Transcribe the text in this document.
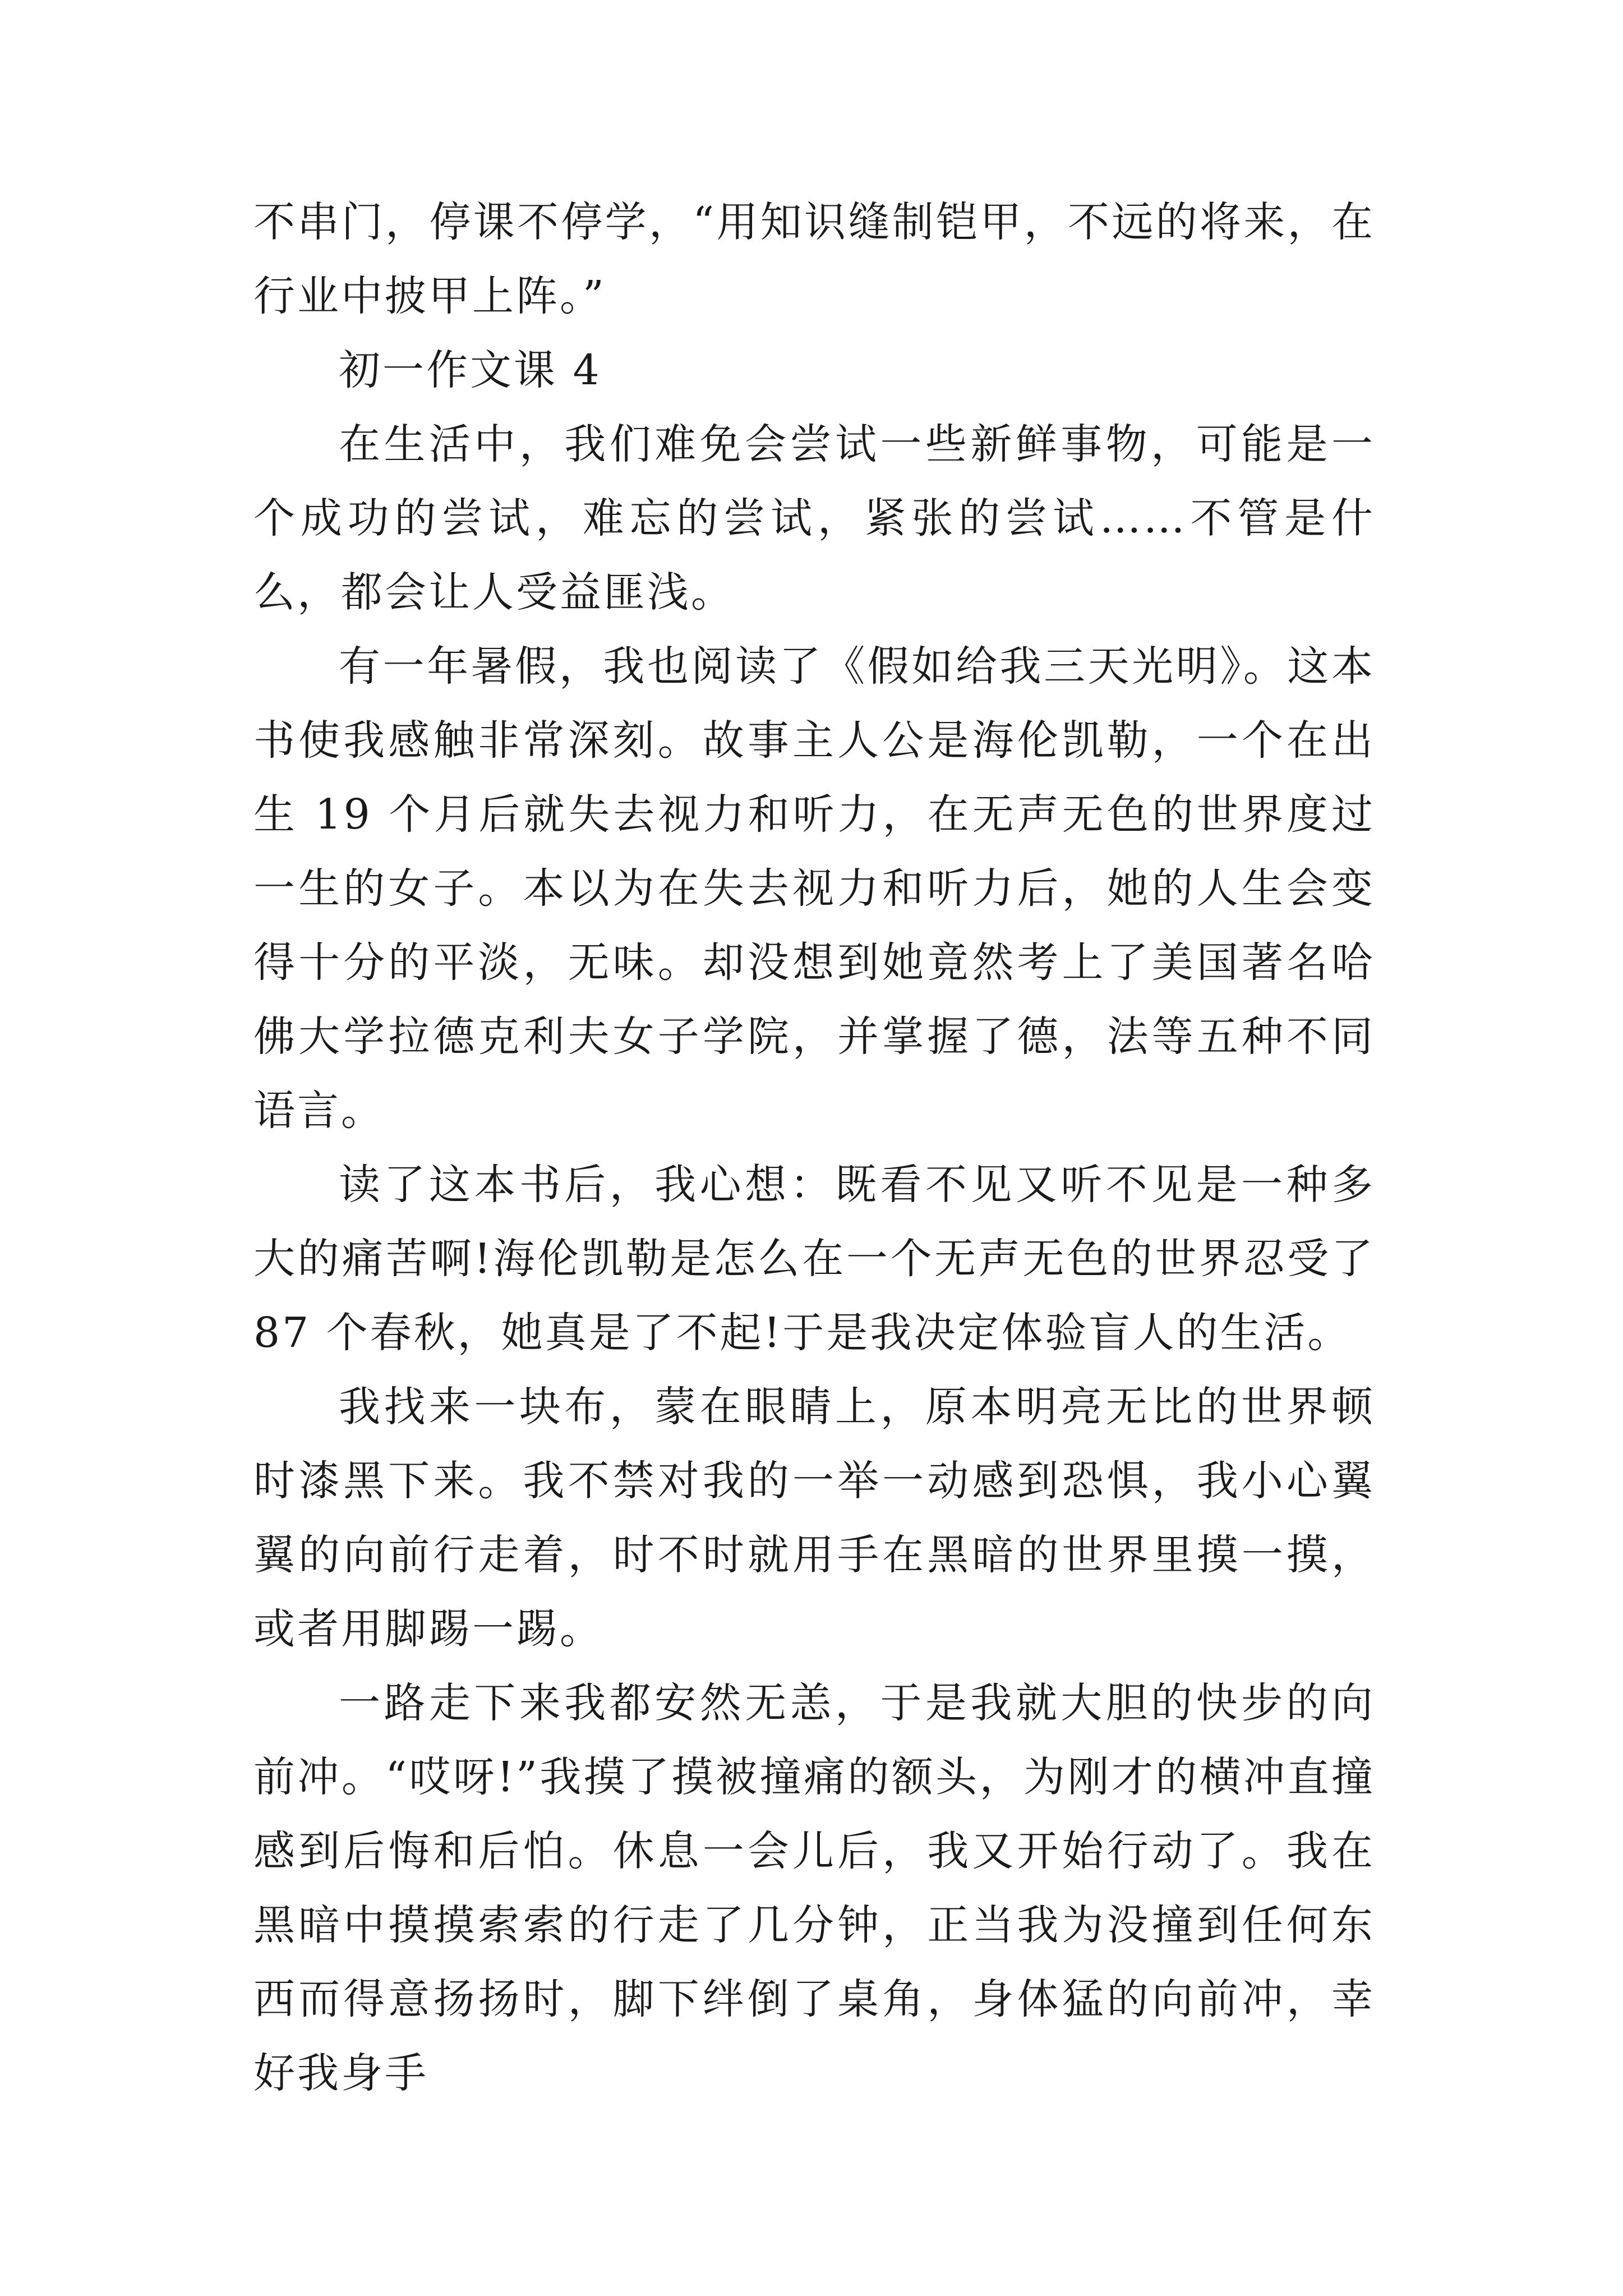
不串门，停课不停学，“用知识缝制铠甲，不远的将来，在行业中披甲上阵。”

初一作文课 4

在生活中，我们难免会尝试一些新鲜事物，可能是一个成功的尝试，难忘的尝试，紧张的尝试……不管是什么，都会让人受益匪浅。

有一年暑假，我也阅读了《假如给我三天光明》。这本书使我感触非常深刻。故事主人公是海伦凯勒，一个在出生 19 个月后就失去视力和听力，在无声无色的世界度过一生的女子。本以为在失去视力和听力后，她的人生会变得十分的平淡，无味。却没想到她竟然考上了美国著名哈佛大学拉德克利夫女子学院，并掌握了德，法等五种不同语言。

读了这本书后，我心想：既看不见又听不见是一种多大的痛苦啊!海伦凯勒是怎么在一个无声无色的世界忍受了 87 个春秋，她真是了不起!于是我决定体验盲人的生活。

我找来一块布，蒙在眼睛上，原本明亮无比的世界顿时漆黑下来。我不禁对我的一举一动感到恐惧，我小心翼翼的向前行走着，时不时就用手在黑暗的世界里摸一摸，或者用脚踢一踢。

一路走下来我都安然无恙，于是我就大胆的快步的向前冲。“哎呀!”我摸了摸被撞痛的额头，为刚才的横冲直撞感到后悔和后怕。休息一会儿后，我又开始行动了。我在黑暗中摸摸索索的行走了几分钟，正当我为没撞到任何东西而得意扬扬时，脚下绊倒了桌角，身体猛的向前冲，幸好我身手
